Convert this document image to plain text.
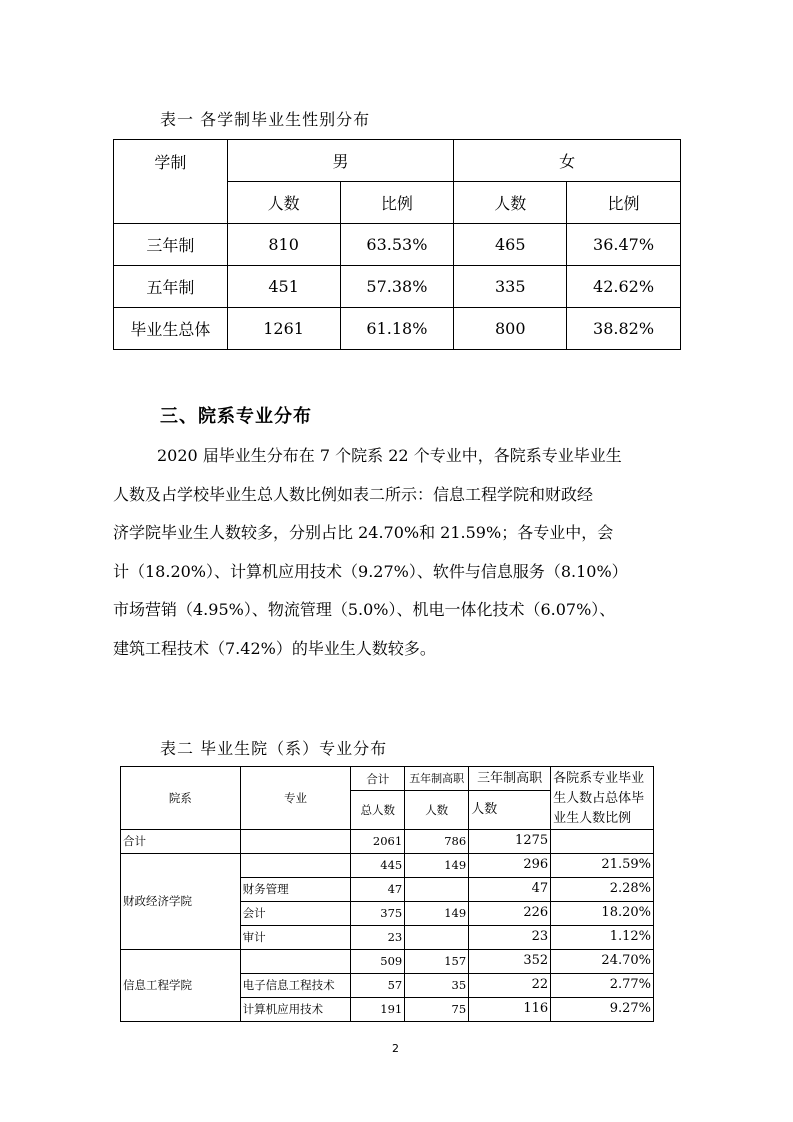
表一 各学制毕业生性别分布
学制	男		女	
	人数	比例	人数	比例
三年制	810	63.53%	465	36.47%
五年制	451	57.38%	335	42.62%
毕业生总体	1261	61.18%	800	38.82%
三、院系专业分布

2020 届毕业生分布在 7 个院系 22 个专业中，各院系专业毕业生

人数及占学校毕业生总人数比例如表二所示：信息工程学院和财政经

济学院毕业生人数较多，分别占比 24.70%和 21.59%；各专业中，会

计（18.20%）、计算机应用技术（9.27%）、软件与信息服务（8.10%）

市场营销（4.95%）、物流管理（5.0%）、机电一体化技术（6.07%）、

建筑工程技术（7.42%）的毕业生人数较多。

表二 毕业生院（系）专业分布
院系	专业	合计	五年制高职	三年制高职	各院系专业毕业生人数占总体毕业生人数比例
		总人数	人数	人数	

合计		2061	786	1275	
财政经济学院		445	149	296	21.59%
	财务管理	47		47	2.28%
	会计	375	149	226	18.20%
	审计	23		23	1.12%
信息工程学院		509	157	352	24.70%
	电子信息工程技术	57	35	22	2.77%
	计算机应用技术	191	75	116	9.27%
2
